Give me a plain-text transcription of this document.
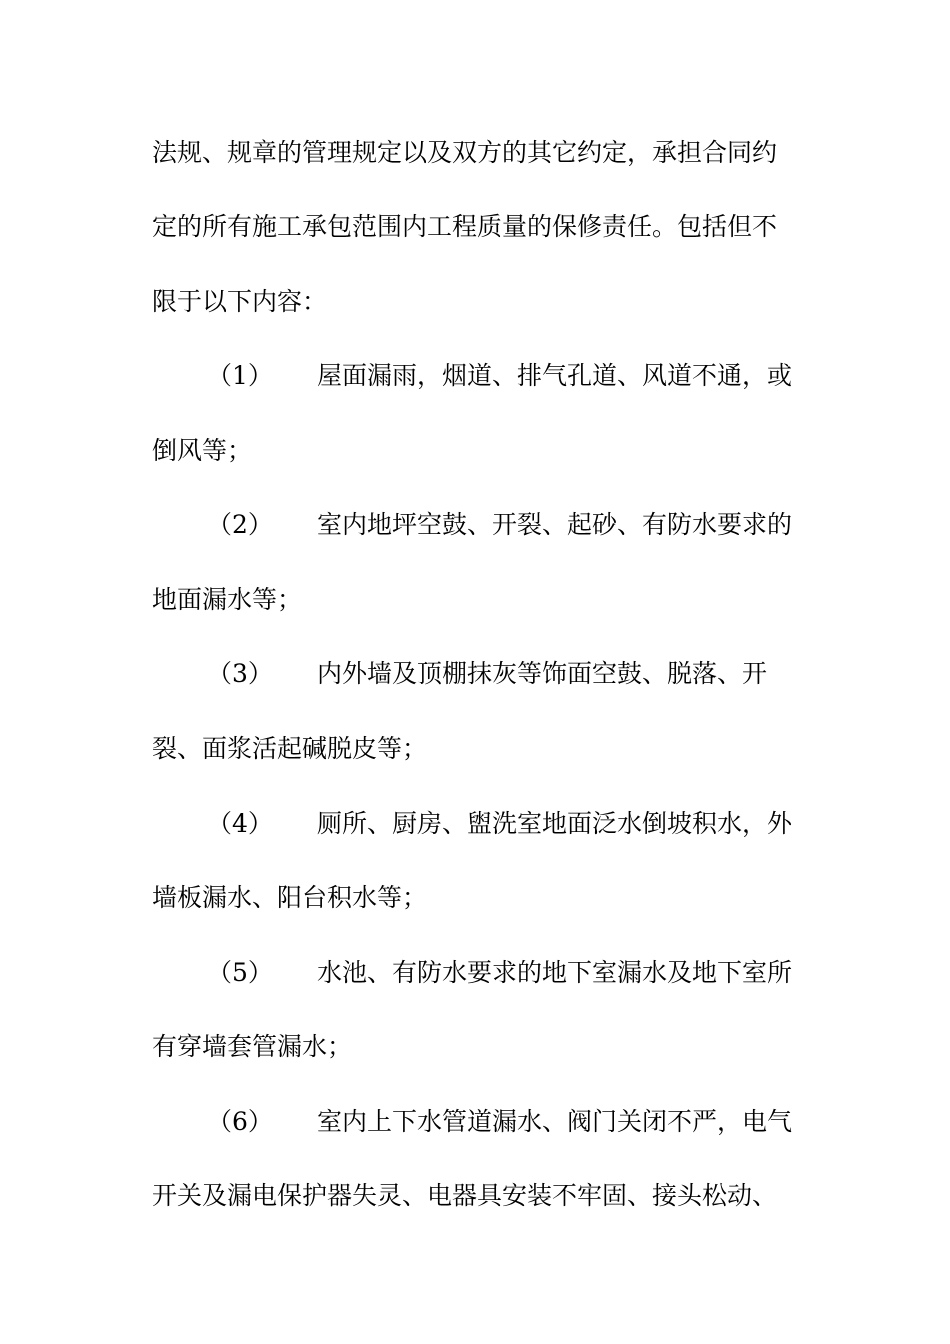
法规、规章的管理规定以及双方的其它约定，承担合同约
定的所有施工承包范围内工程质量的保修责任。包括但不
限于以下内容：
（1） 屋面漏雨，烟道、排气孔道、风道不通，或
倒风等；
（2） 室内地坪空鼓、开裂、起砂、有防水要求的
地面漏水等；
（3） 内外墙及顶棚抹灰等饰面空鼓、脱落、开
裂、面浆活起碱脱皮等；
（4） 厕所、厨房、盥洗室地面泛水倒坡积水，外
墙板漏水、阳台积水等；
（5） 水池、有防水要求的地下室漏水及地下室所
有穿墙套管漏水；
（6） 室内上下水管道漏水、阀门关闭不严，电气
开关及漏电保护器失灵、电器具安装不牢固、接头松动、
